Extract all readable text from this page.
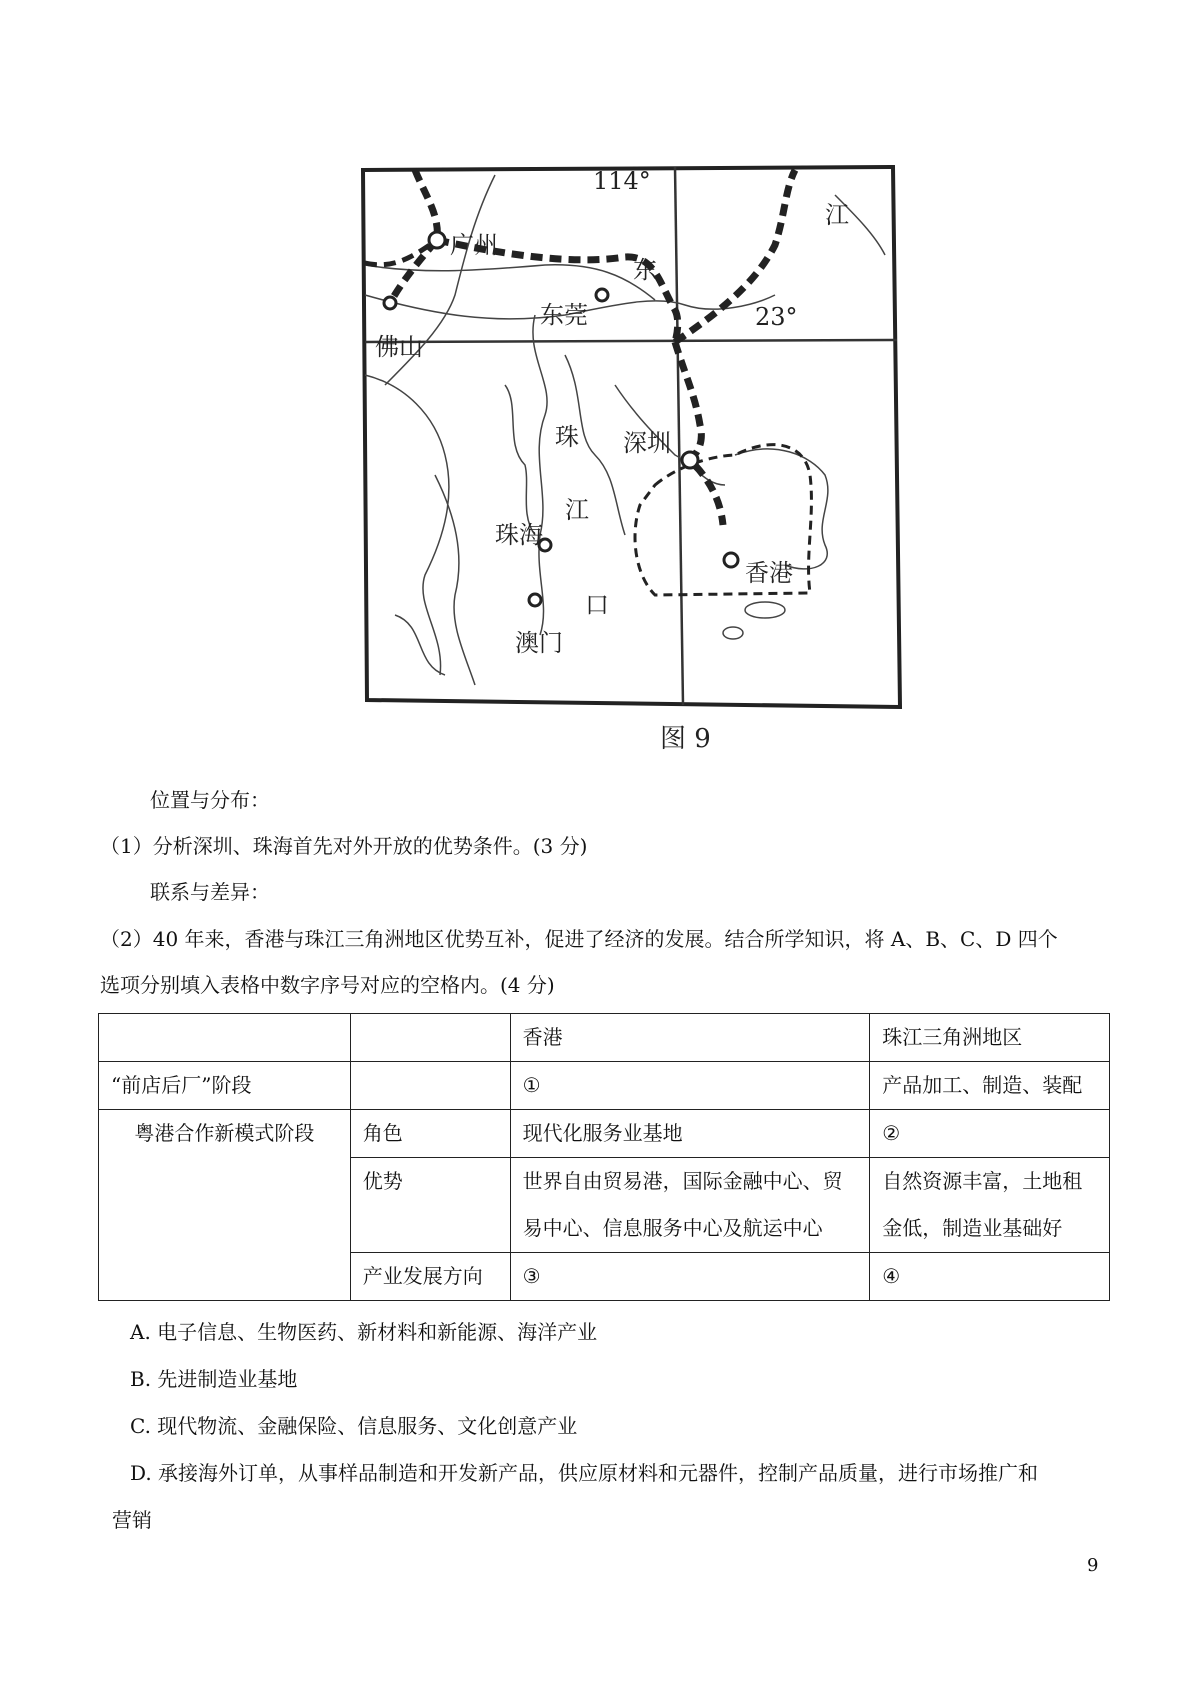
114°
23°
广州
东莞
佛山
深圳
珠海
澳门
香港
珠
江
口
东
江
图 9
位置与分布：
（1）分析深圳、珠海首先对外开放的优势条件。(3 分)
联系与差异：
（2）40 年来，香港与珠江三角洲地区优势互补，促进了经济的发展。结合所学知识，将 A、B、C、D 四个
选项分别填入表格中数字序号对应的空格内。(4 分)
		香港	珠江三角洲地区
“前店后厂”阶段		①	产品加工、制造、装配
粤港合作新模式阶段	角色	现代化服务业基地	②
	优势	世界自由贸易港，国际金融中心、贸	自然资源丰富，土地租
		易中心、信息服务中心及航运中心	金低，制造业基础好
	产业发展方向	③	④
A. 电子信息、生物医药、新材料和新能源、海洋产业
B. 先进制造业基地
C. 现代物流、金融保险、信息服务、文化创意产业
D. 承接海外订单，从事样品制造和开发新产品，供应原材料和元器件，控制产品质量，进行市场推广和
营销
9
